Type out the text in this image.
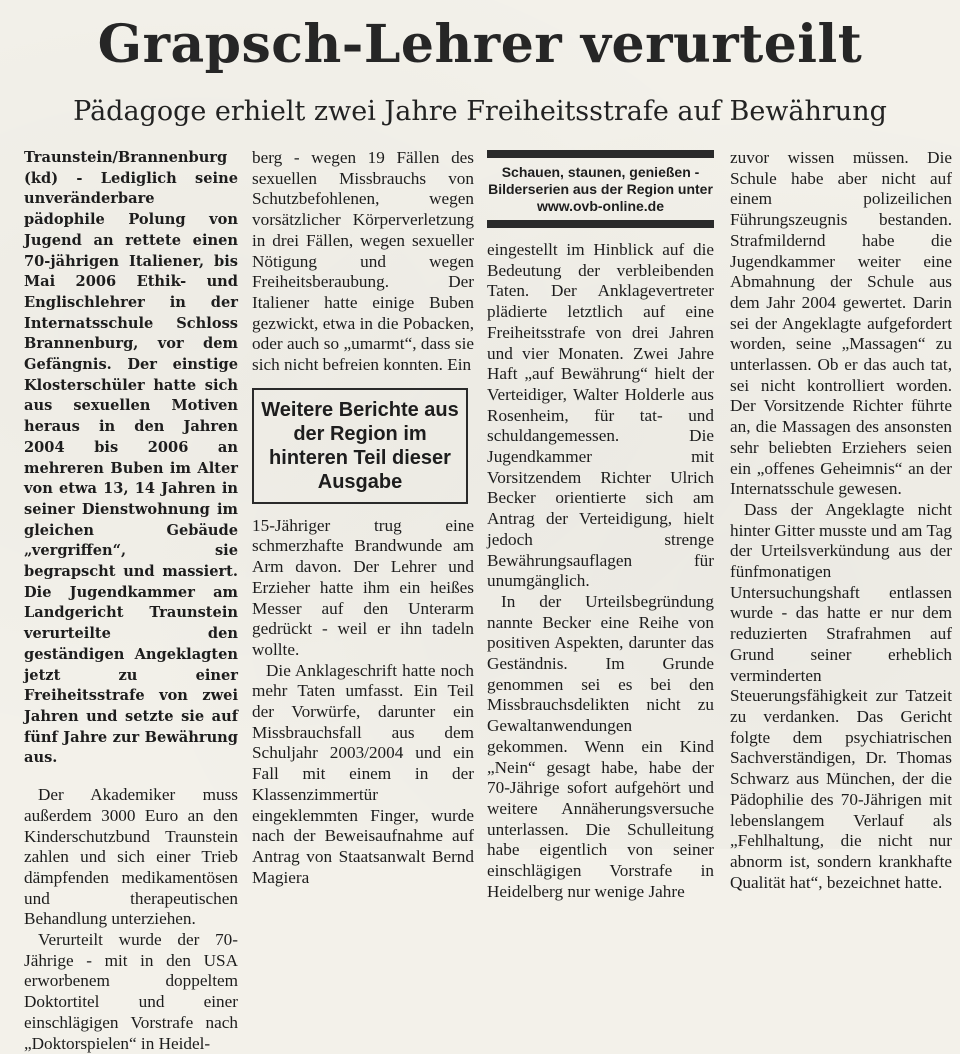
Grapsch-Lehrer verurteilt
Pädagoge erhielt zwei Jahre Freiheitsstrafe auf Bewährung

Traunstein/Brannenburg (kd) - Lediglich seine unveränderbare pädophile Polung von Jugend an rettete einen 70-jährigen Italiener, bis Mai 2006 Ethik- und Englischlehrer in der Internatsschule Schloss Brannenburg, vor dem Gefängnis. Der einstige Klosterschüler hatte sich aus sexuellen Motiven heraus in den Jahren 2004 bis 2006 an mehreren Buben im Alter von etwa 13, 14 Jahren in seiner Dienstwohnung im gleichen Gebäude „vergriffen“, sie begrapscht und massiert. Die Jugendkammer am Landgericht Traunstein verurteilte den geständigen Angeklagten jetzt zu einer Freiheitsstrafe von zwei Jahren und setzte sie auf fünf Jahre zur Bewährung aus.

Der Akademiker muss außerdem 3000 Euro an den Kinderschutzbund Traunstein zahlen und sich einer Trieb dämpfenden medikamentösen und therapeutischen Behandlung unterziehen.

Verurteilt wurde der 70-Jährige - mit in den USA erworbenem doppeltem Doktortitel und einer einschlägigen Vorstrafe nach „Doktorspielen“ in Heidel-

berg - wegen 19 Fällen des sexuellen Missbrauchs von Schutzbefohlenen, wegen vorsätzlicher Körperverletzung in drei Fällen, wegen sexueller Nötigung und wegen Freiheitsberaubung. Der Italiener hatte einige Buben gezwickt, etwa in die Pobacken, oder auch so „umarmt“, dass sie sich nicht befreien konnten. Ein

Weitere Berichte aus der Region im hinteren Teil dieser Ausgabe

15-Jähriger trug eine schmerzhafte Brandwunde am Arm davon. Der Lehrer und Erzieher hatte ihm ein heißes Messer auf den Unterarm gedrückt - weil er ihn tadeln wollte.

Die Anklageschrift hatte noch mehr Taten umfasst. Ein Teil der Vorwürfe, darunter ein Missbrauchsfall aus dem Schuljahr 2003/2004 und ein Fall mit einem in der Klassenzimmertür eingeklemmten Finger, wurde nach der Beweisaufnahme auf Antrag von Staatsanwalt Bernd Magiera

Schauen, staunen, genießen - Bilderserien aus der Region unter
www.ovb-online.de

eingestellt im Hinblick auf die Bedeutung der verbleibenden Taten. Der Anklagevertreter plädierte letztlich auf eine Freiheitsstrafe von drei Jahren und vier Monaten. Zwei Jahre Haft „auf Bewährung“ hielt der Verteidiger, Walter Holderle aus Rosenheim, für tat- und schuldangemessen. Die Jugendkammer mit Vorsitzendem Richter Ulrich Becker orientierte sich am Antrag der Verteidigung, hielt jedoch strenge Bewährungsauflagen für unumgänglich.

In der Urteilsbegründung nannte Becker eine Reihe von positiven Aspekten, darunter das Geständnis. Im Grunde genommen sei es bei den Missbrauchsdelikten nicht zu Gewaltanwendungen gekommen. Wenn ein Kind „Nein“ gesagt habe, habe der 70-Jährige sofort aufgehört und weitere Annäherungsversuche unterlassen. Die Schulleitung habe eigentlich von seiner einschlägigen Vorstrafe in Heidelberg nur wenige Jahre

zuvor wissen müssen. Die Schule habe aber nicht auf einem polizeilichen Führungszeugnis bestanden. Strafmildernd habe die Jugendkammer weiter eine Abmahnung der Schule aus dem Jahr 2004 gewertet. Darin sei der Angeklagte aufgefordert worden, seine „Massagen“ zu unterlassen. Ob er das auch tat, sei nicht kontrolliert worden. Der Vorsitzende Richter führte an, die Massagen des ansonsten sehr beliebten Erziehers seien ein „offenes Geheimnis“ an der Internatsschule gewesen.

Dass der Angeklagte nicht hinter Gitter musste und am Tag der Urteilsverkündung aus der fünfmonatigen Untersuchungshaft entlassen wurde - das hatte er nur dem reduzierten Strafrahmen auf Grund seiner erheblich verminderten Steuerungsfähigkeit zur Tatzeit zu verdanken. Das Gericht folgte dem psychiatrischen Sachverständigen, Dr. Thomas Schwarz aus München, der die Pädophilie des 70-Jährigen mit lebenslangem Verlauf als „Fehlhaltung, die nicht nur abnorm ist, sondern krankhafte Qualität hat“, bezeichnet hatte.
